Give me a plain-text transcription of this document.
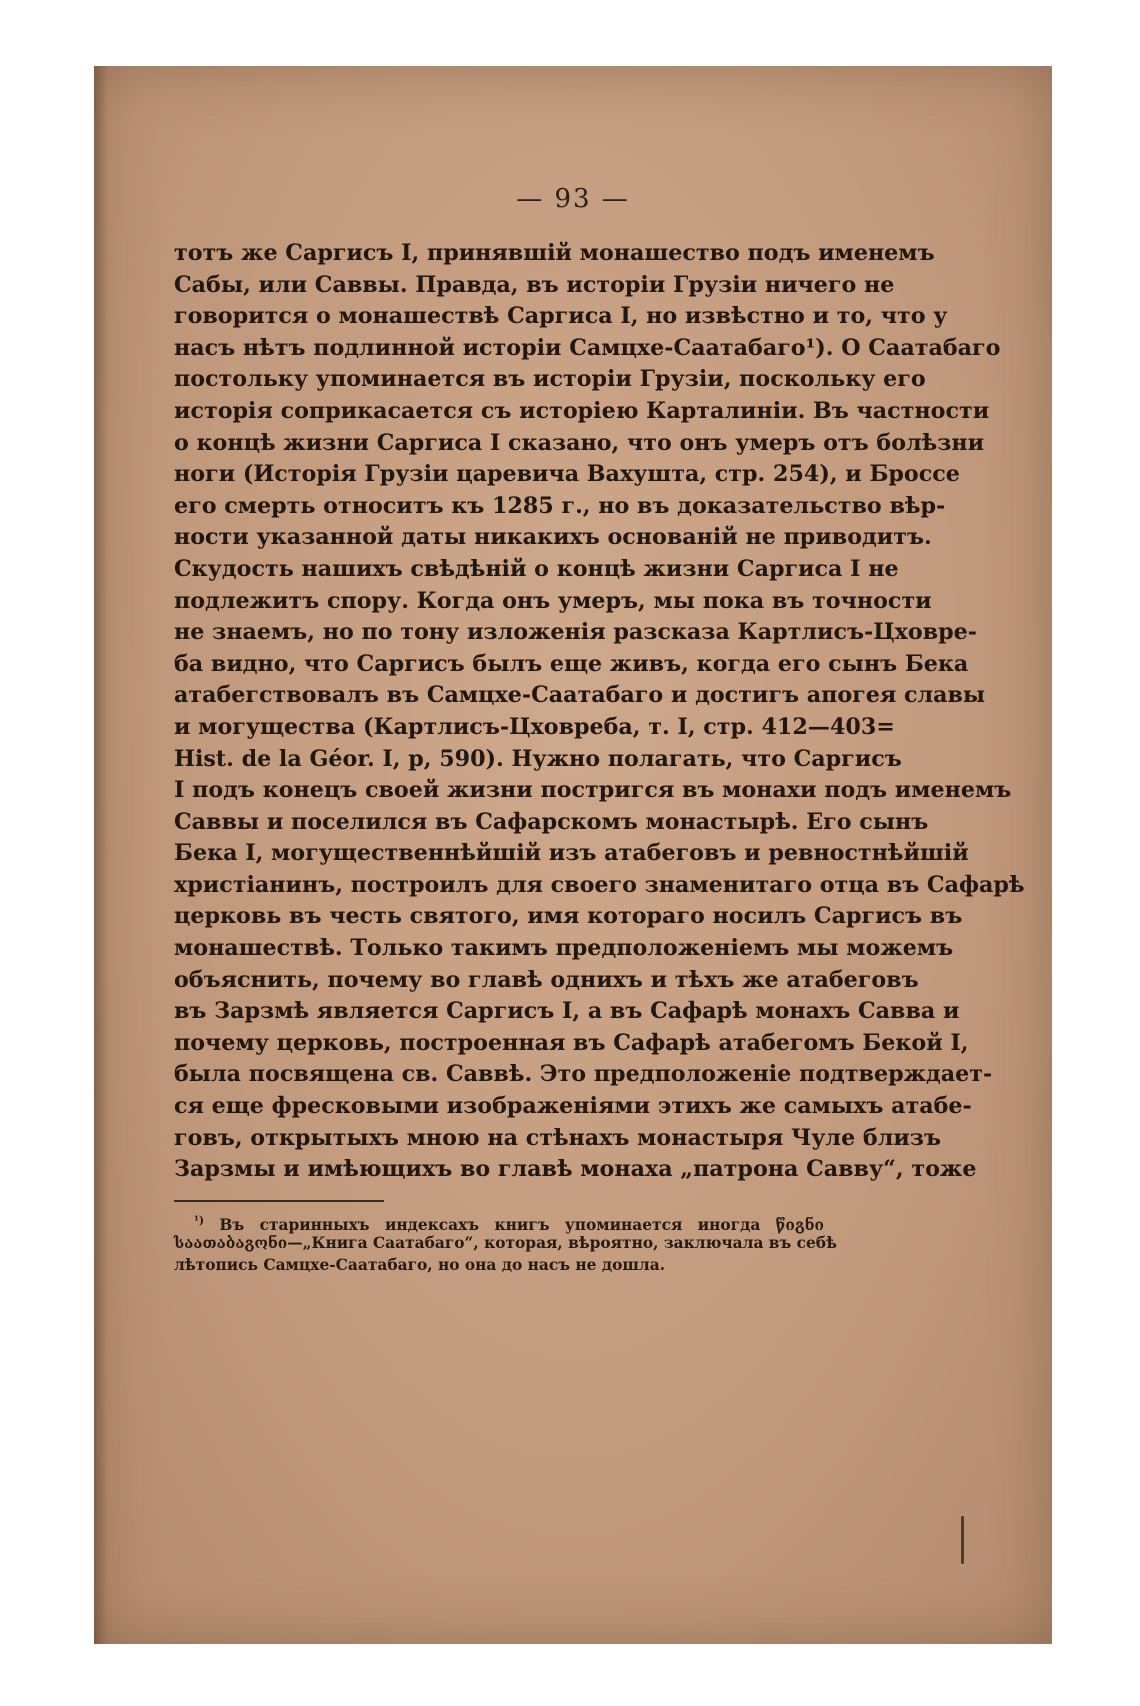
— 93 —
тотъ же Саргисъ I, принявшій монашество подъ именемъ
Сабы, или Саввы. Правда, въ исторіи Грузіи ничего не
говорится о монашествѣ Саргиса I, но извѣстно и то, что у
насъ нѣтъ подлинной исторіи Самцхе-Саатабаго¹). О Саатабаго
постольку упоминается въ исторіи Грузіи, поскольку его
исторія соприкасается съ исторіею Карталиніи. Въ частности
о концѣ жизни Саргиса I сказано, что онъ умеръ отъ болѣзни
ноги (Исторія Грузіи царевича Вахушта, стр. 254), и Броссе
его смерть относитъ къ 1285 г., но въ доказательство вѣр-
ности указанной даты никакихъ основаній не приводитъ.
Скудость нашихъ свѣдѣній о концѣ жизни Саргиса I не
подлежитъ спору. Когда онъ умеръ, мы пока въ точности
не знаемъ, но по тону изложенія разсказа Картлисъ-Цховре-
ба видно, что Саргисъ былъ еще живъ, когда его сынъ Бека
атабегствовалъ въ Самцхе-Саатабаго и достигъ апогея славы
и могущества (Картлисъ-Цховреба, т. I, стр. 412—403=
Hist. de la Géor. I, p, 590). Нужно полагать, что Саргисъ
I подъ конецъ своей жизни постригся въ монахи подъ именемъ
Саввы и поселился въ Сафарскомъ монастырѣ. Его сынъ
Бека I, могущественнѣйшій изъ атабеговъ и ревностнѣйшій
христіанинъ, построилъ для своего знаменитаго отца въ Сафарѣ
церковь въ честь святого, имя котораго носилъ Саргисъ въ
монашествѣ. Только такимъ предположеніемъ мы можемъ
объяснить, почему во главѣ однихъ и тѣхъ же атабеговъ
въ Зарзмѣ является Саргисъ I, а въ Сафарѣ монахъ Савва и
почему церковь, построенная въ Сафарѣ атабегомъ Бекой I,
была посвящена св. Саввѣ. Это предположеніе подтверждает-
ся еще фресковыми изображеніями этихъ же самыхъ атабе-
говъ, открытыхъ мною на стѣнахъ монастыря Чуле близъ
Зарзмы и имѣющихъ во главѣ монаха „патрона Савву“, тоже
$^{^1)}$ Въ старинныхъ индексахъ книгъ упоминается иногда წიგნი
საათაბაგონი—„Книга Саатабаго“, которая, вѣроятно, заключала въ себѣ
лѣтопись Самцхе-Саатабаго, но она до насъ не дошла.
